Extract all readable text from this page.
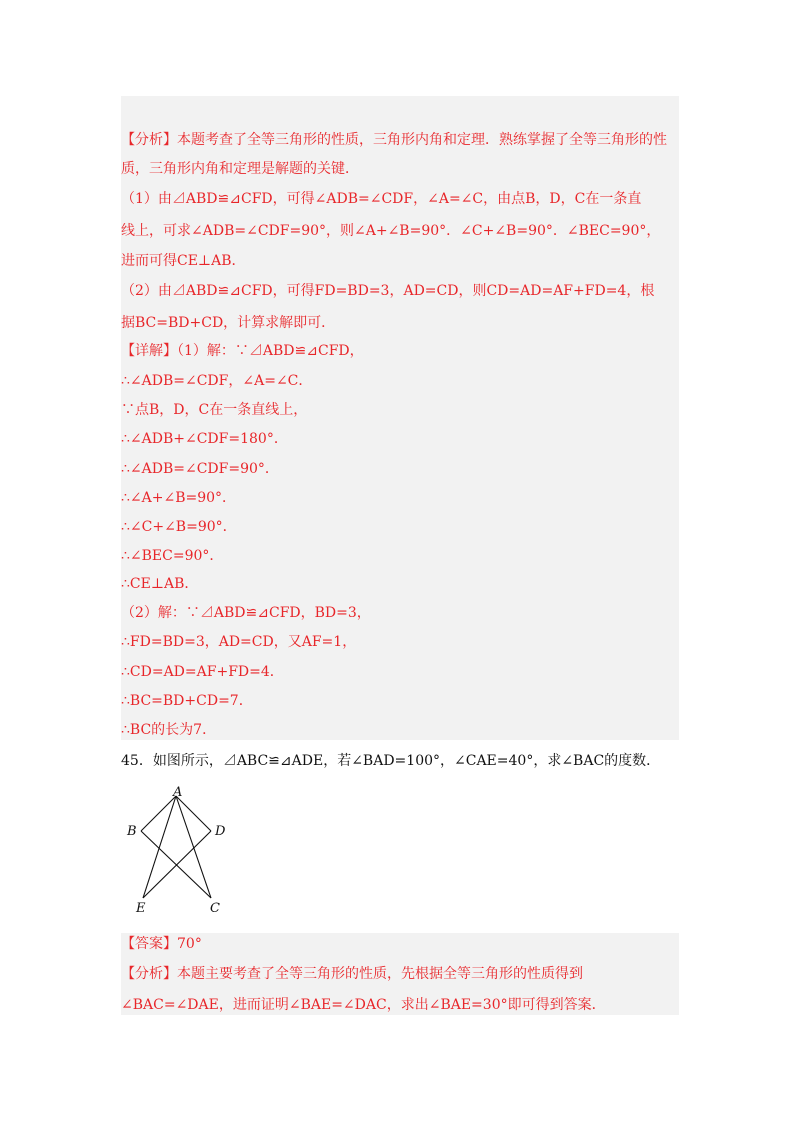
【分析】本题考查了全等三角形的性质，三角形内角和定理．熟练掌握了全等三角形的性
质，三角形内角和定理是解题的关键．
（1）由⊿ABD≌⊿CFD，可得∠ADB=∠CDF，∠A=∠C，由点B，D，C在一条直
线上，可求∠ADB=∠CDF=90°，则∠A+∠B=90°．∠C+∠B=90°．∠BEC=90°，
进而可得CE⊥AB．
（2）由⊿ABD≌⊿CFD，可得FD=BD=3，AD=CD，则CD=AD=AF+FD=4，根
据BC=BD+CD，计算求解即可．
【详解】（1）解：∵⊿ABD≌⊿CFD，
∴∠ADB=∠CDF，∠A=∠C．
∵点B，D，C在一条直线上，
∴∠ADB+∠CDF=180°．
∴∠ADB=∠CDF=90°．
∴∠A+∠B=90°．
∴∠C+∠B=90°．
∴∠BEC=90°．
∴CE⊥AB．
（2）解：∵⊿ABD≌⊿CFD，BD=3，
∴FD=BD=3，AD=CD，又AF=1，
∴CD=AD=AF+FD=4．
∴BC=BD+CD=7．
∴BC的长为7．
45．如图所示，⊿ABC≌⊿ADE，若∠BAD=100°，∠CAE=40°，求∠BAC的度数．
A
B	D
E	C
【答案】70°
【分析】本题主要考查了全等三角形的性质，先根据全等三角形的性质得到
∠BAC=∠DAE，进而证明∠BAE=∠DAC，求出∠BAE=30°即可得到答案．
